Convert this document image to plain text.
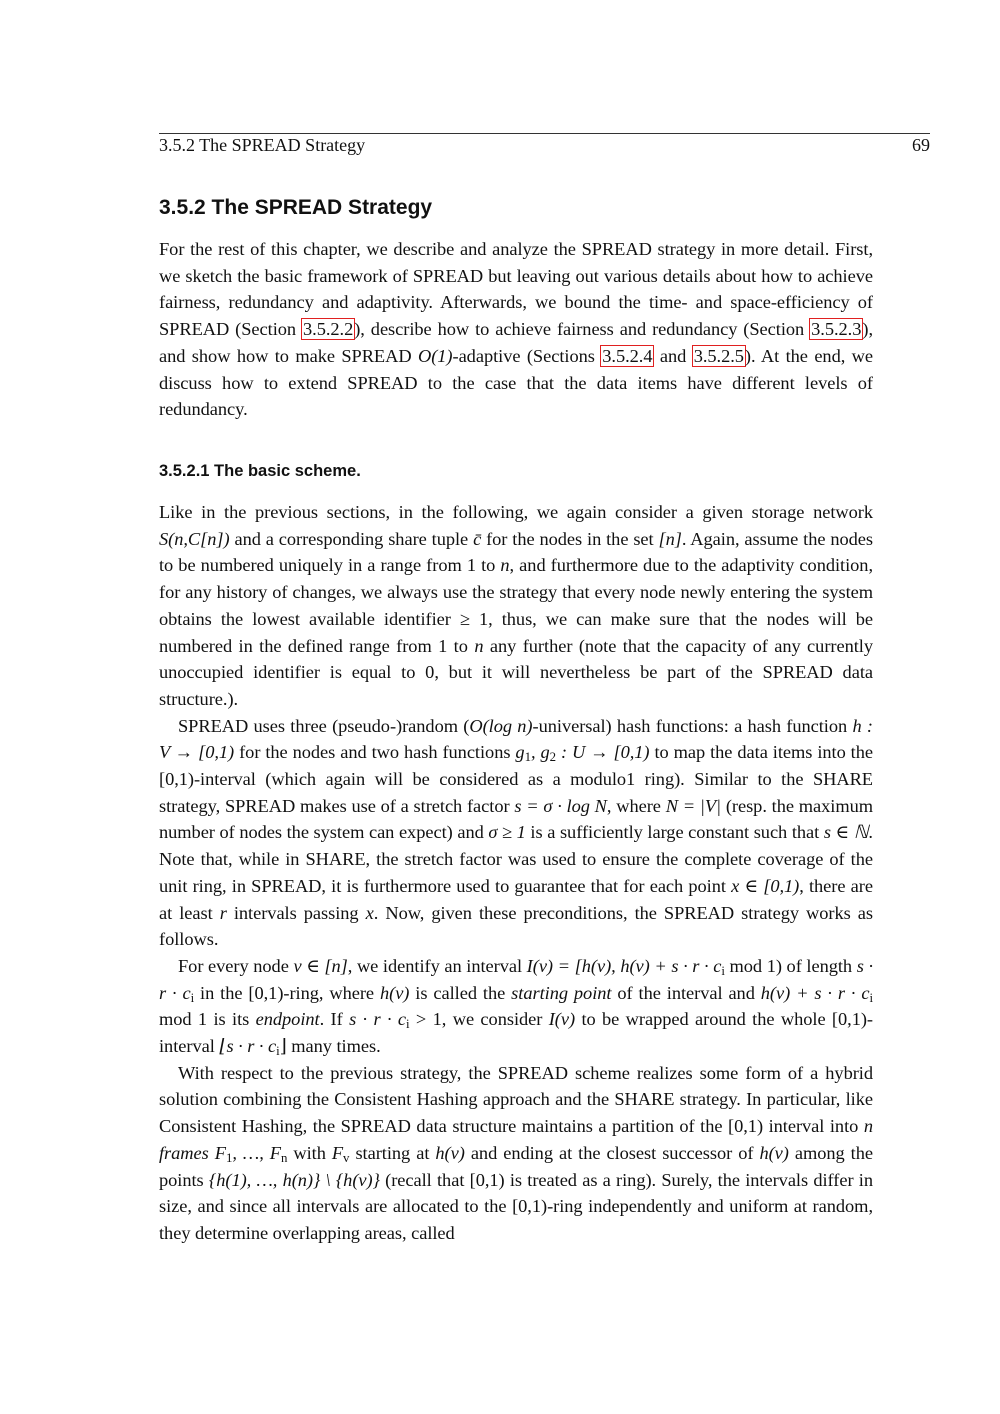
3.5.2 The SPREAD Strategy	69
3.5.2 The SPREAD Strategy

For the rest of this chapter, we describe and analyze the SPREAD strategy in more detail. First, we sketch the basic framework of SPREAD but leaving out various details about how to achieve fairness, redundancy and adaptivity. Afterwards, we bound the time- and space-efficiency of SPREAD (Section 3.5.2.2), describe how to achieve fairness and redundancy (Section 3.5.2.3), and show how to make SPREAD O(1)-adaptive (Sections 3.5.2.4 and 3.5.2.5). At the end, we discuss how to extend SPREAD to the case that the data items have different levels of redundancy.

3.5.2.1 The basic scheme.

Like in the previous sections, in the following, we again consider a given storage network S(n,C[n]) and a corresponding share tuple c̄ for the nodes in the set [n]. Again, assume the nodes to be numbered uniquely in a range from 1 to n, and furthermore due to the adaptivity condition, for any history of changes, we always use the strategy that every node newly entering the system obtains the lowest available identifier ≥ 1, thus, we can make sure that the nodes will be numbered in the defined range from 1 to n any further (note that the capacity of any currently unoccupied identifier is equal to 0, but it will nevertheless be part of the SPREAD data structure.).

SPREAD uses three (pseudo-)random (O(log n)-universal) hash functions: a hash function h : V → [0,1) for the nodes and two hash functions $g_1$, $g_2$ : U → [0,1) to map the data items into the [0,1)-interval (which again will be considered as a modulo1 ring). Similar to the SHARE strategy, SPREAD makes use of a stretch factor s = σ · log N, where N = |V| (resp. the maximum number of nodes the system can expect) and σ ≥ 1 is a sufficiently large constant such that s ∈ ℕ. Note that, while in SHARE, the stretch factor was used to ensure the complete coverage of the unit ring, in SPREAD, it is furthermore used to guarantee that for each point x ∈ [0,1), there are at least r intervals passing x. Now, given these preconditions, the SPREAD strategy works as follows.

For every node v ∈ [n], we identify an interval I(v) = [h(v), $h(v) + s \cdot r \cdot c_i$ mod 1) of length $s \cdot r \cdot c_i$ in the [0,1)-ring, where h(v) is called the starting point of the interval and $h(v) + s \cdot r \cdot c_i$ mod 1 is its endpoint. If $s \cdot r \cdot c_i > 1$, we consider I(v) to be wrapped around the whole [0,1)-interval ⌊s · $r \cdot c_i⌋$ many times.

With respect to the previous strategy, the SPREAD scheme realizes some form of a hybrid solution combining the Consistent Hashing approach and the SHARE strategy. In particular, like Consistent Hashing, the SPREAD data structure maintains a partition of the [0,1) interval into n frames $F_1$, …, $F_n$ with $F_v$ starting at h(v) and ending at the closest successor of h(v) among the points {h(1), …, h(n)} \ {h(v)} (recall that [0,1) is treated as a ring). Surely, the intervals differ in size, and since all intervals are allocated to the [0,1)-ring independently and uniform at random, they determine overlapping areas, called
